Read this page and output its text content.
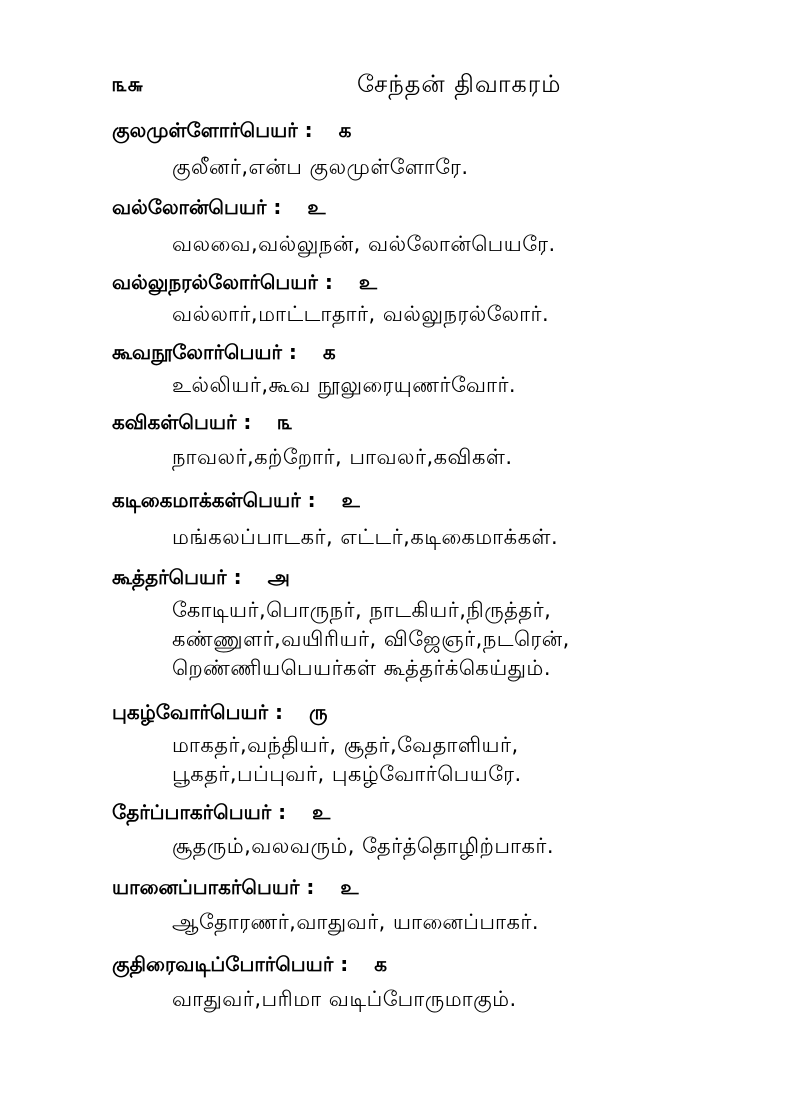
௩௬	சேந்தன் திவாகரம்
குலமுள்ளோர்பெயர் : க
குலீனர்,என்ப குலமுள்ளோரே.
வல்லோன்பெயர் : உ
வலவை,வல்லுநன், வல்லோன்பெயரே.
வல்லுநரல்லோர்பெயர் : உ
வல்லார்,மாட்டாதார், வல்லுநரல்லோர்.
கூவநூலோர்பெயர் : க
உல்லியர்,கூவ நூலுரையுணர்வோர்.
கவிகள்பெயர் : ௩
நாவலர்,கற்றோர், பாவலர்,கவிகள்.
கடிகைமாக்கள்பெயர் : உ
மங்கலப்பாடகர், எட்டர்,கடிகைமாக்கள்.
கூத்தர்பெயர் : அ
கோடியர்,பொருநர், நாடகியர்,நிருத்தர்,
கண்ணுளர்,வயிரியர், விஜேஞர்,நடரென்,
றெண்ணியபெயர்கள் கூத்தர்க்கெய்தும்.
புகழ்வோர்பெயர் : ரு
மாகதர்,வந்தியர், சூதர்,வேதாளியர்,
பூகதர்,பப்புவர், புகழ்வோர்பெயரே.
தேர்ப்பாகர்பெயர் : உ
சூதரும்,வலவரும், தேர்த்தொழிற்பாகர்.
யானைப்பாகர்பெயர் : உ
ஆதோரணர்,வாதுவர், யானைப்பாகர்.
குதிரைவடிப்போர்பெயர் : க
வாதுவர்,பரிமா வடிப்போருமாகும்.
